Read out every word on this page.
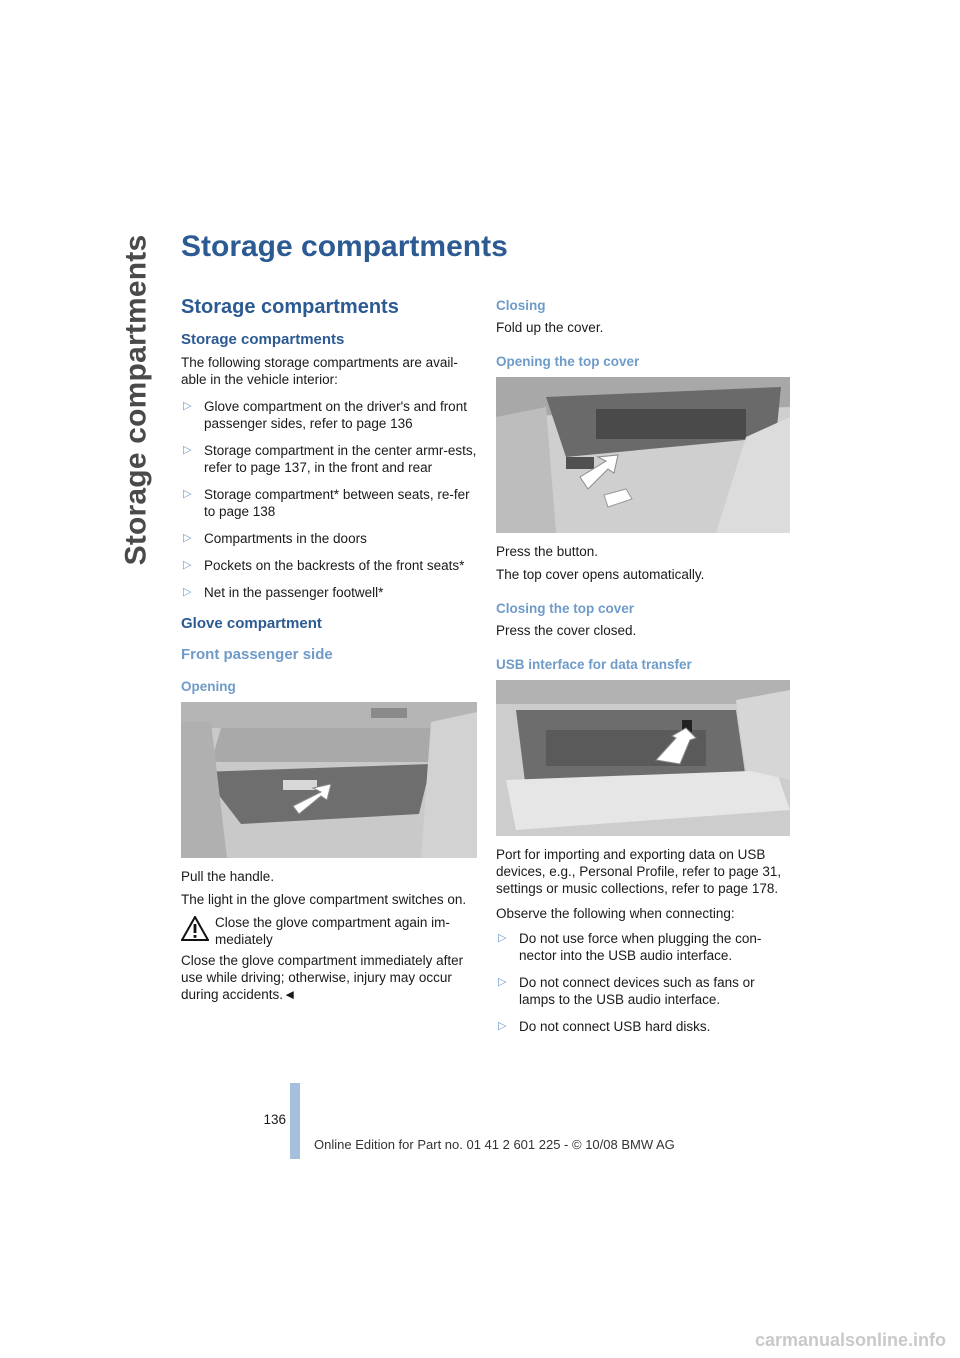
Storage compartments Storage compartments
Storage compartments
Storage compartments

The following storage compartments are avail-able in the vehicle interior:

▷ Glove compartment on the driver's and front passenger sides, refer to page 136
▷ Storage compartment in the center armr-ests, refer to page 137, in the front and rear
▷ Storage compartment* between seats, re-fer to page 138
▷ Compartments in the doors
▷ Pockets on the backrests of the front seats*
▷ Net in the passenger footwell*
Glove compartment
Front passenger side
Opening

Pull the handle.

The light in the glove compartment switches on.

Close the glove compartment again im-mediately

Close the glove compartment immediately after use while driving; otherwise, injury may occur during accidents.◄

Closing

Fold up the cover.

Opening the top cover

Press the button.

The top cover opens automatically.

Closing the top cover

Press the cover closed.

USB interface for data transfer

Port for importing and exporting data on USB devices, e.g., Personal Profile, refer to page 31, settings or music collections, refer to page 178.

Observe the following when connecting:

▷ Do not use force when plugging the con-nector into the USB audio interface.
▷ Do not connect devices such as fans or lamps to the USB audio interface.
▷ Do not connect USB hard disks.
136
Online Edition for Part no. 01 41 2 601 225 - © 10/08 BMW AG
carmanualsonline.info
